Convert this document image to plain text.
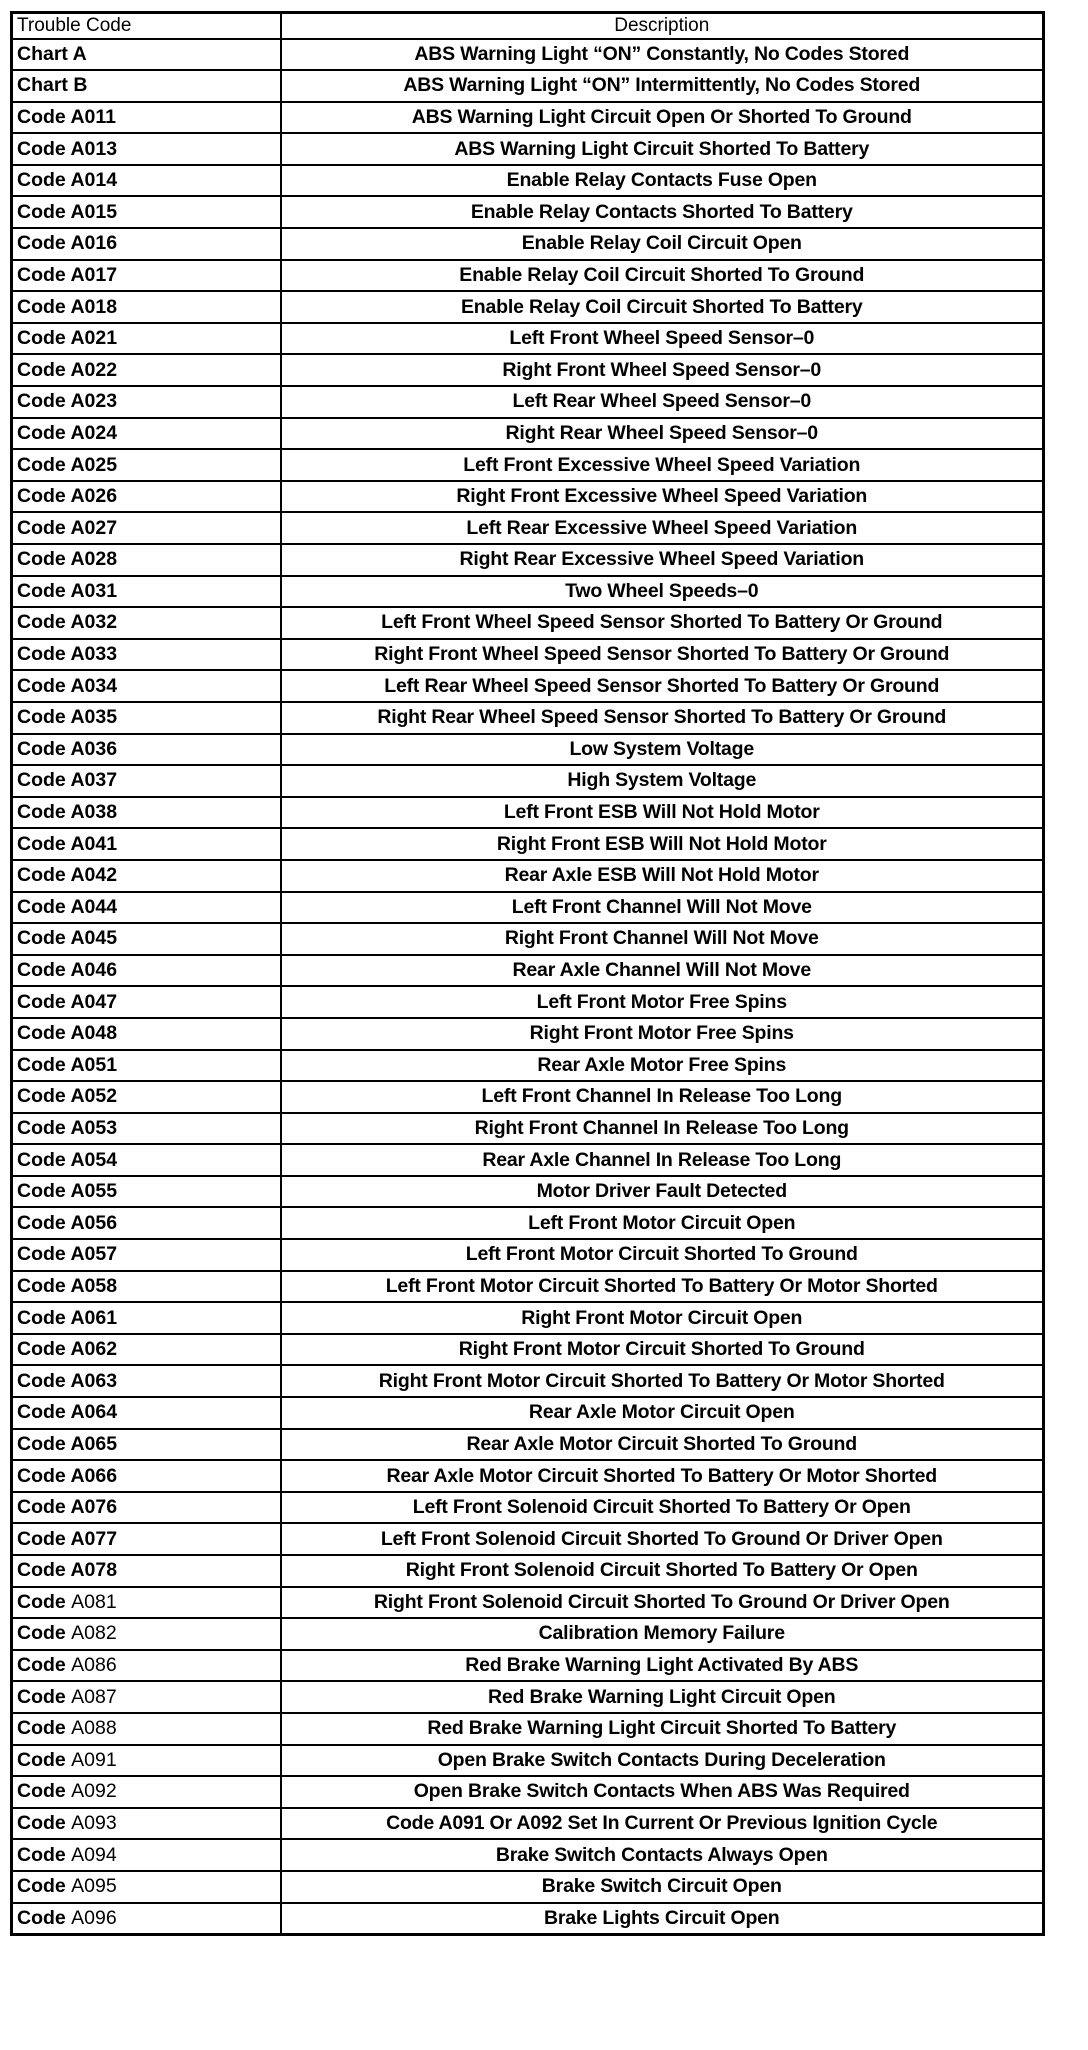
Trouble Code	Description
Chart A	ABS Warning Light “ON” Constantly, No Codes Stored
Chart B	ABS Warning Light “ON” Intermittently, No Codes Stored
Code A011	ABS Warning Light Circuit Open Or Shorted To Ground
Code A013	ABS Warning Light Circuit Shorted To Battery
Code A014	Enable Relay Contacts Fuse Open
Code A015	Enable Relay Contacts Shorted To Battery
Code A016	Enable Relay Coil Circuit Open
Code A017	Enable Relay Coil Circuit Shorted To Ground
Code A018	Enable Relay Coil Circuit Shorted To Battery
Code A021	Left Front Wheel Speed Sensor–0
Code A022	Right Front Wheel Speed Sensor–0
Code A023	Left Rear Wheel Speed Sensor–0
Code A024	Right Rear Wheel Speed Sensor–0
Code A025	Left Front Excessive Wheel Speed Variation
Code A026	Right Front Excessive Wheel Speed Variation
Code A027	Left Rear Excessive Wheel Speed Variation
Code A028	Right Rear Excessive Wheel Speed Variation
Code A031	Two Wheel Speeds–0
Code A032	Left Front Wheel Speed Sensor Shorted To Battery Or Ground
Code A033	Right Front Wheel Speed Sensor Shorted To Battery Or Ground
Code A034	Left Rear Wheel Speed Sensor Shorted To Battery Or Ground
Code A035	Right Rear Wheel Speed Sensor Shorted To Battery Or Ground
Code A036	Low System Voltage
Code A037	High System Voltage
Code A038	Left Front ESB Will Not Hold Motor
Code A041	Right Front ESB Will Not Hold Motor
Code A042	Rear Axle ESB Will Not Hold Motor
Code A044	Left Front Channel Will Not Move
Code A045	Right Front Channel Will Not Move
Code A046	Rear Axle Channel Will Not Move
Code A047	Left Front Motor Free Spins
Code A048	Right Front Motor Free Spins
Code A051	Rear Axle Motor Free Spins
Code A052	Left Front Channel In Release Too Long
Code A053	Right Front Channel In Release Too Long
Code A054	Rear Axle Channel In Release Too Long
Code A055	Motor Driver Fault Detected
Code A056	Left Front Motor Circuit Open
Code A057	Left Front Motor Circuit Shorted To Ground
Code A058	Left Front Motor Circuit Shorted To Battery Or Motor Shorted
Code A061	Right Front Motor Circuit Open
Code A062	Right Front Motor Circuit Shorted To Ground
Code A063	Right Front Motor Circuit Shorted To Battery Or Motor Shorted
Code A064	Rear Axle Motor Circuit Open
Code A065	Rear Axle Motor Circuit Shorted To Ground
Code A066	Rear Axle Motor Circuit Shorted To Battery Or Motor Shorted
Code A076	Left Front Solenoid Circuit Shorted To Battery Or Open
Code A077	Left Front Solenoid Circuit Shorted To Ground Or Driver Open
Code A078	Right Front Solenoid Circuit Shorted To Battery Or Open
Code A081	Right Front Solenoid Circuit Shorted To Ground Or Driver Open
Code A082	Calibration Memory Failure
Code A086	Red Brake Warning Light Activated By ABS
Code A087	Red Brake Warning Light Circuit Open
Code A088	Red Brake Warning Light Circuit Shorted To Battery
Code A091	Open Brake Switch Contacts During Deceleration
Code A092	Open Brake Switch Contacts When ABS Was Required
Code A093	Code A091 Or A092 Set In Current Or Previous Ignition Cycle
Code A094	Brake Switch Contacts Always Open
Code A095	Brake Switch Circuit Open
Code A096	Brake Lights Circuit Open
